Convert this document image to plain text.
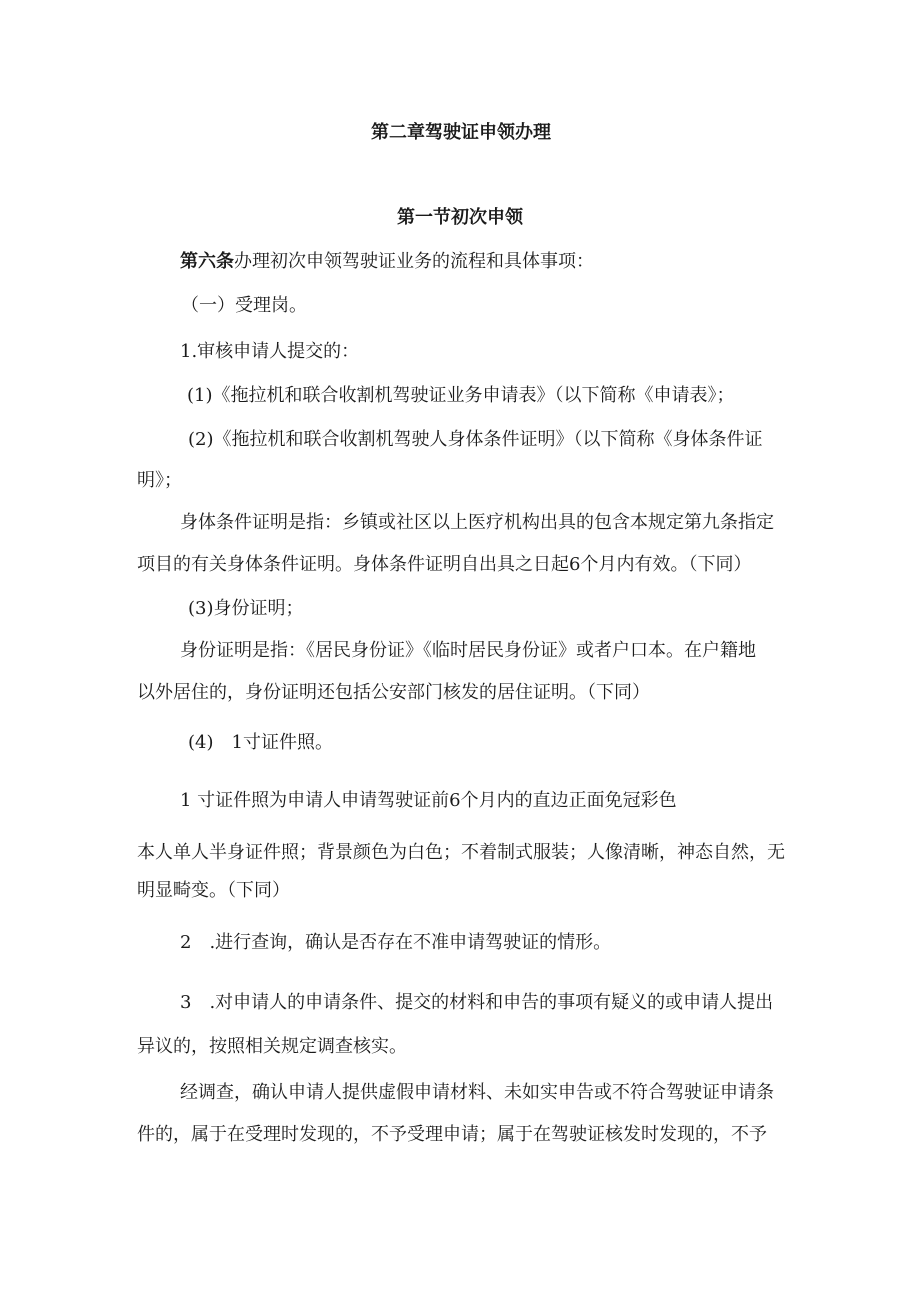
第二章驾驶证申领办理
第一节初次申领
第六条办理初次申领驾驶证业务的流程和具体事项：
（一）受理岗。
1.审核申请人提交的：
(1)《拖拉机和联合收割机驾驶证业务申请表》（以下简称《申请表》；
(2)《拖拉机和联合收割机驾驶人身体条件证明》（以下简称《身体条件证
明》；
身体条件证明是指：乡镇或社区以上医疗机构出具的包含本规定第九条指定
项目的有关身体条件证明。身体条件证明自出具之日起6个月内有效。（下同）
(3)身份证明；
身份证明是指：《居民身份证》《临时居民身份证》或者户口本。在户籍地
以外居住的，身份证明还包括公安部门核发的居住证明。（下同）
(4)　1寸证件照。
1 寸证件照为申请人申请驾驶证前6个月内的直边正面免冠彩色
本人单人半身证件照；背景颜色为白色；不着制式服装；人像清晰，神态自然，无
明显畸变。（下同）
2　.进行查询，确认是否存在不准申请驾驶证的情形。
3　.对申请人的申请条件、提交的材料和申告的事项有疑义的或申请人提出
异议的，按照相关规定调查核实。
经调查，确认申请人提供虚假申请材料、未如实申告或不符合驾驶证申请条
件的，属于在受理时发现的，不予受理申请；属于在驾驶证核发时发现的，不予
